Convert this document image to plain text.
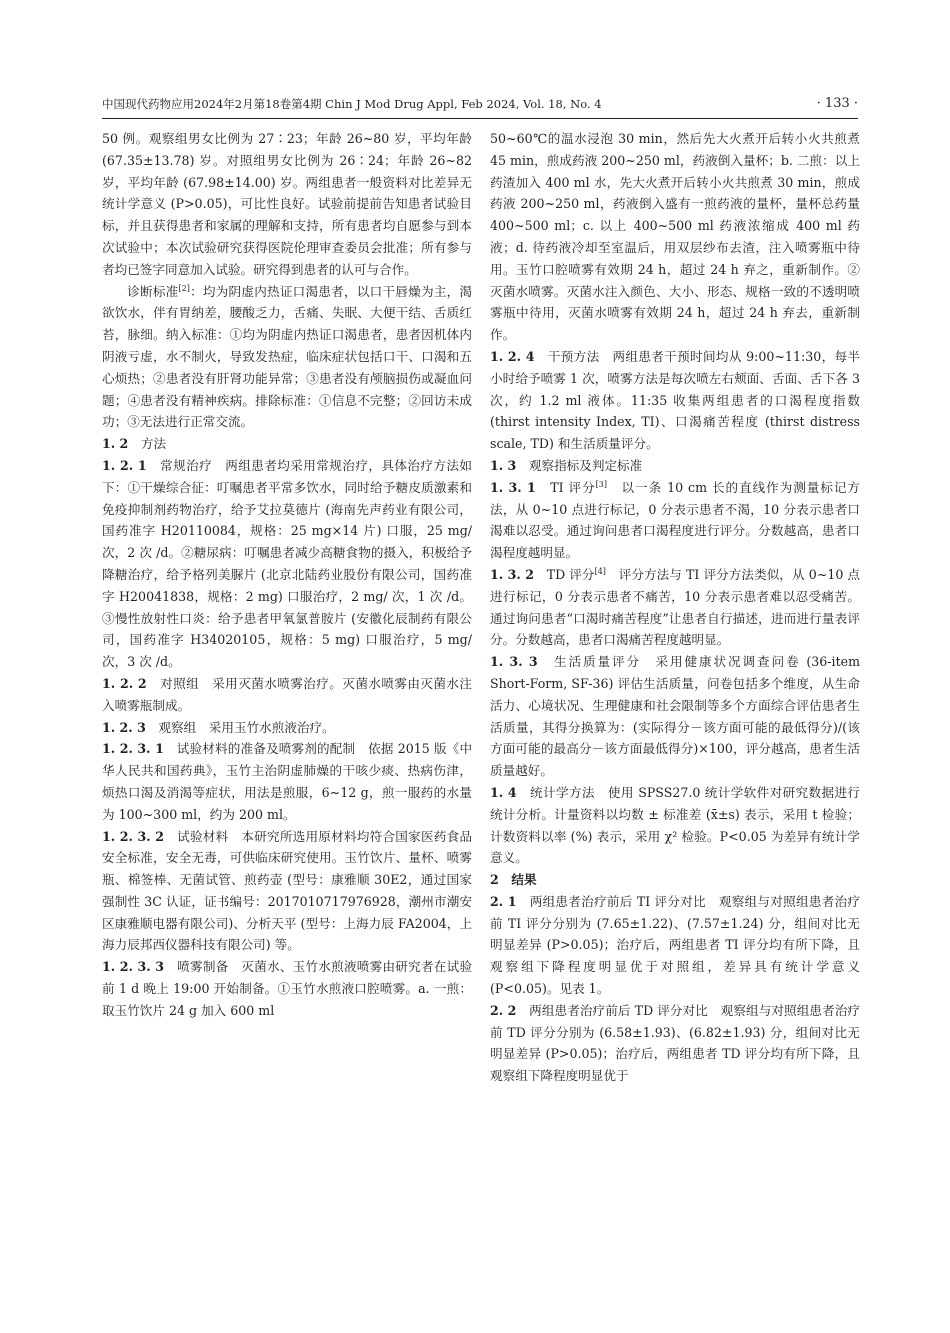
中国现代药物应用2024年2月第18卷第4期 Chin J Mod Drug Appl, Feb 2024, Vol. 18, No. 4	· 133 ·

50 例。观察组男女比例为 27∶23；年龄 26~80 岁，平均年龄 (67.35±13.78) 岁。对照组男女比例为 26∶24；年龄 26~82 岁，平均年龄 (67.98±14.00) 岁。两组患者一般资料对比差异无统计学意义 (P>0.05)，可比性良好。试验前提前告知患者试验目标，并且获得患者和家属的理解和支持，所有患者均自愿参与到本次试验中；本次试验研究获得医院伦理审查委员会批准；所有参与者均已签字同意加入试验。研究得到患者的认可与合作。

诊断标准[2]：均为阴虚内热证口渴患者，以口干唇燥为主，渴欲饮水，伴有胃纳差，腰酸乏力，舌痛、失眠、大便干结、舌质红苔，脉细。纳入标准：①均为阴虚内热证口渴患者，患者因机体内阴液亏虚，水不制火，导致发热症，临床症状包括口干、口渴和五心烦热；②患者没有肝肾功能异常；③患者没有颅脑损伤或凝血问题；④患者没有精神疾病。排除标准：①信息不完整；②回访未成功；③无法进行正常交流。

1. 2　 方法

1. 2. 1　 常规治疗　 两组患者均采用常规治疗，具体治疗方法如下：①干燥综合征：叮嘱患者平常多饮水，同时给予糖皮质激素和免疫抑制剂药物治疗，给予艾拉莫德片 (海南先声药业有限公司，国药准字 H20110084，规格：25 mg×14 片) 口服，25 mg/ 次，2 次 /d。②糖尿病：叮嘱患者减少高糖食物的摄入，积极给予降糖治疗，给予格列美脲片 (北京北陆药业股份有限公司，国药准字 H20041838，规格：2 mg) 口服治疗，2 mg/ 次，1 次 /d。③慢性放射性口炎：给予患者甲氧氯普胺片 (安徽化辰制药有限公司，国药准字 H34020105，规格：5 mg) 口服治疗，5 mg/ 次，3 次 /d。

1. 2. 2　 对照组　 采用灭菌水喷雾治疗。灭菌水喷雾由灭菌水注入喷雾瓶制成。

1. 2. 3　 观察组　 采用玉竹水煎液治疗。

1. 2. 3. 1　 试验材料的准备及喷雾剂的配制　 依据 2015 版《中华人民共和国药典》，玉竹主治阴虚肺燥的干咳少痰、热病伤津，烦热口渴及消渴等症状，用法是煎服，6~12 g，煎一服药的水量为 100~300 ml，约为 200 ml。

1. 2. 3. 2　 试验材料　 本研究所选用原材料均符合国家医药食品安全标准，安全无毒，可供临床研究使用。玉竹饮片、量杯、喷雾瓶、棉签棒、无菌试管、煎药壶 (型号：康雅顺 30E2，通过国家强制性 3C 认证，证书编号：2017010717976928，潮州市潮安区康雅顺电器有限公司)、分析天平 (型号：上海力辰 FA2004，上海力辰邦西仪器科技有限公司) 等。

1. 2. 3. 3　 喷雾制备　 灭菌水、玉竹水煎液喷雾由研究者在试验前 1 d 晚上 19:00 开始制备。①玉竹水煎液口腔喷雾。a. 一煎：取玉竹饮片 24 g 加入 600 ml

50~60℃的温水浸泡 30 min，然后先大火煮开后转小火共煎煮 45 min，煎成药液 200~250 ml，药液倒入量杯；b. 二煎：以上药渣加入 400 ml 水，先大火煮开后转小火共煎煮 30 min，煎成药液 200~250 ml，药液倒入盛有一煎药液的量杯，量杯总药量 400~500 ml；c. 以上 400~500 ml 药液浓缩成 400 ml 药液；d. 待药液冷却至室温后，用双层纱布去渣，注入喷雾瓶中待用。玉竹口腔喷雾有效期 24 h，超过 24 h 弃之，重新制作。②灭菌水喷雾。灭菌水注入颜色、大小、形态、规格一致的不透明喷雾瓶中待用，灭菌水喷雾有效期 24 h，超过 24 h 弃去，重新制作。

1. 2. 4　 干预方法　 两组患者干预时间均从 9:00~11:30，每半小时给予喷雾 1 次，喷雾方法是每次喷左右颊面、舌面、舌下各 3 次，约 1.2 ml 液体。11:35 收集两组患者的口渴程度指数 (thirst intensity Index, TI)、口渴痛苦程度 (thirst distress scale, TD) 和生活质量评分。

1. 3　 观察指标及判定标准

1. 3. 1　 TI 评分[3]　 以一条 10 cm 长的直线作为测量标记方法，从 0~10 点进行标记，0 分表示患者不渴，10 分表示患者口渴难以忍受。通过询问患者口渴程度进行评分。分数越高，患者口渴程度越明显。

1. 3. 2　 TD 评分[4]　 评分方法与 TI 评分方法类似，从 0~10 点进行标记，0 分表示患者不痛苦，10 分表示患者难以忍受痛苦。通过询问患者“口渴时痛苦程度”让患者自行描述，进而进行量表评分。分数越高，患者口渴痛苦程度越明显。

1. 3. 3　 生活质量评分　 采用健康状况调查问卷 (36-item Short-Form, SF-36) 评估生活质量，问卷包括多个维度，从生命活力、心境状况、生理健康和社会限制等多个方面综合评估患者生活质量，其得分换算为：(实际得分－该方面可能的最低得分)/(该方面可能的最高分－该方面最低得分)×100，评分越高，患者生活质量越好。

1. 4　 统计学方法　 使用 SPSS27.0 统计学软件对研究数据进行统计分析。计量资料以均数 ± 标准差 (x̄±s) 表示，采用 t 检验；计数资料以率 (%) 表示，采用 χ² 检验。P<0.05 为差异有统计学意义。

2　 结果

2. 1　 两组患者治疗前后 TI 评分对比　 观察组与对照组患者治疗前 TI 评分分别为 (7.65±1.22)、(7.57±1.24) 分，组间对比无明显差异 (P>0.05)；治疗后，两组患者 TI 评分均有所下降，且观察组下降程度明显优于对照组，差异具有统计学意义 (P<0.05)。见表 1。

2. 2　 两组患者治疗前后 TD 评分对比　 观察组与对照组患者治疗前 TD 评分分别为 (6.58±1.93)、(6.82±1.93) 分，组间对比无明显差异 (P>0.05)；治疗后，两组患者 TD 评分均有所下降，且观察组下降程度明显优于
